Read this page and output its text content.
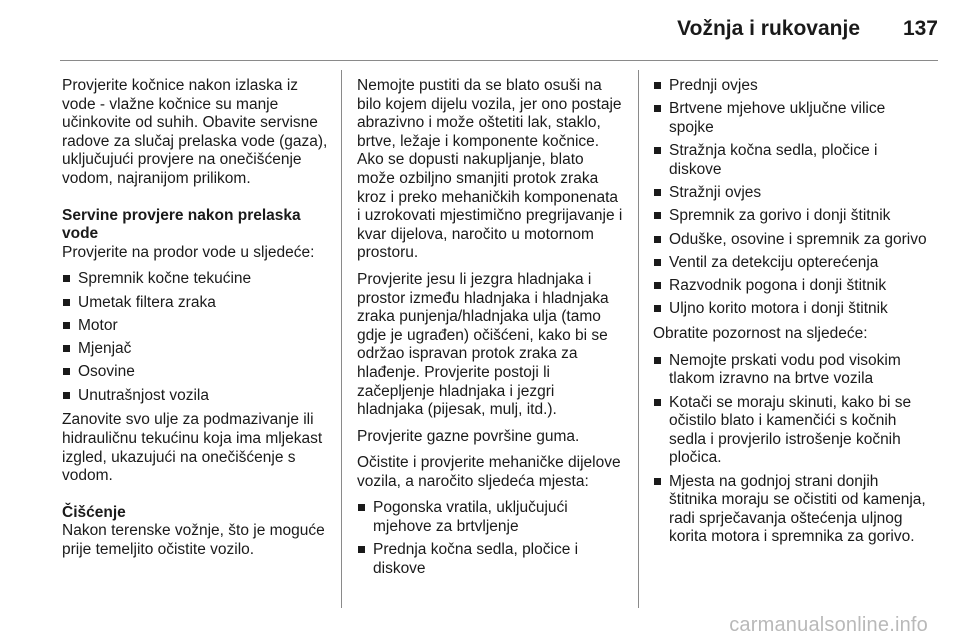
Vožnja i rukovanje	137

Provjerite kočnice nakon izlaska iz vode - vlažne kočnice su manje učinkovite od suhih. Obavite servisne radove za slučaj prelaska vode (gaza), uključujući provjere na onečišćenje vodom, najranijom prilikom.

Servine provjere nakon prelaska vode

Provjerite na prodor vode u sljedeće:

Spremnik kočne tekućine
Umetak filtera zraka
Motor
Mjenjač
Osovine
Unutrašnjost vozila

Zanovite svo ulje za podmazivanje ili hidrauličnu tekućinu koja ima mljekast izgled, ukazujući na onečišćenje s vodom.

Čišćenje

Nakon terenske vožnje, što je moguće prije temeljito očistite vozilo.

Nemojte pustiti da se blato osuši na bilo kojem dijelu vozila, jer ono postaje abrazivno i može oštetiti lak, staklo, brtve, ležaje i komponente kočnice. Ako se dopusti nakupljanje, blato može ozbiljno smanjiti protok zraka kroz i preko mehaničkih komponenata i uzrokovati mjestimično pregrijavanje i kvar dijelova, naročito u motornom prostoru.

Provjerite jesu li jezgra hladnjaka i prostor između hladnjaka i hladnjaka zraka punjenja/hladnjaka ulja (tamo gdje je ugrađen) očišćeni, kako bi se održao ispravan protok zraka za hlađenje. Provjerite postoji li začepljenje hladnjaka i jezgri hladnjaka (pijesak, mulj, itd.).

Provjerite gazne površine guma.

Očistite i provjerite mehaničke dijelove vozila, a naročito sljedeća mjesta:

Pogonska vratila, uključujući mjehove za brtvljenje
Prednja kočna sedla, pločice i diskove
Prednji ovjes
Brtvene mjehove uključne vilice spojke
Stražnja kočna sedla, pločice i diskove
Stražnji ovjes
Spremnik za gorivo i donji štitnik
Oduške, osovine i spremnik za gorivo
Ventil za detekciju opterećenja
Razvodnik pogona i donji štitnik
Uljno korito motora i donji štitnik

Obratite pozornost na sljedeće:

Nemojte prskati vodu pod visokim tlakom izravno na brtve vozila
Kotači se moraju skinuti, kako bi se očistilo blato i kamenčići s kočnih sedla i provjerilo istrošenje kočnih pločica.
Mjesta na godnjoj strani donjih štitnika moraju se očistiti od kamenja, radi sprječavanja oštećenja uljnog korita motora i spremnika za gorivo.
carmanualsonline.info
